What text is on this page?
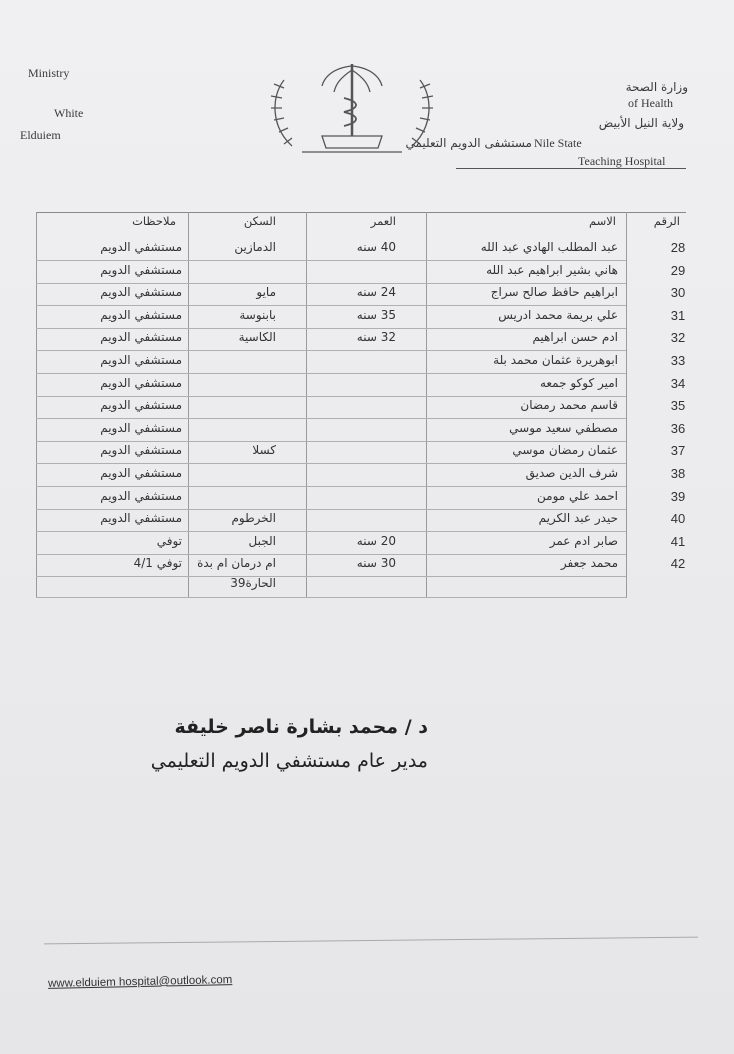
Ministry
White
Elduiem
وزارة الصحة
of Health
ولاية النيل الأبيض
Nile State
مستشفى الدويم التعليمي
Teaching Hospital
الرقم
الاسم
العمر
السكن
ملاحظات
28
عبد المطلب الهادي عبد الله
40 سنه
الدمازين
مستشفي الدويم
29
هاني بشير ابراهيم عبد الله
مستشفي الدويم
30
ابراهيم حافظ صالح سراج
24 سنه
مايو
مستشفي الدويم
31
علي بريمة محمد ادريس
35 سنه
بابنوسة
مستشفي الدويم
32
ادم حسن ابراهيم
32 سنه
الكاسية
مستشفي الدويم
33
ابوهريرة عثمان محمد بلة
مستشفي الدويم
34
امير كوكو جمعه
مستشفي الدويم
35
قاسم محمد رمضان
مستشفي الدويم
36
مصطفي سعيد موسي
مستشفي الدويم
37
عثمان رمضان موسي
كسلا
مستشفي الدويم
38
شرف الدين صديق
مستشفي الدويم
39
احمد علي مومن
مستشفي الدويم
40
حيدر عبد الكريم
الخرطوم
مستشفي الدويم
41
صابر ادم عمر
20 سنه
الجبل
توفي
42
محمد جعفر
30 سنه
ام درمان ام بدة
الحارة39
توفي 4/1
د / محمد بشارة ناصر خليفة
مدير عام مستشفي الدويم التعليمي
www.elduiem hospital@outlook.com
